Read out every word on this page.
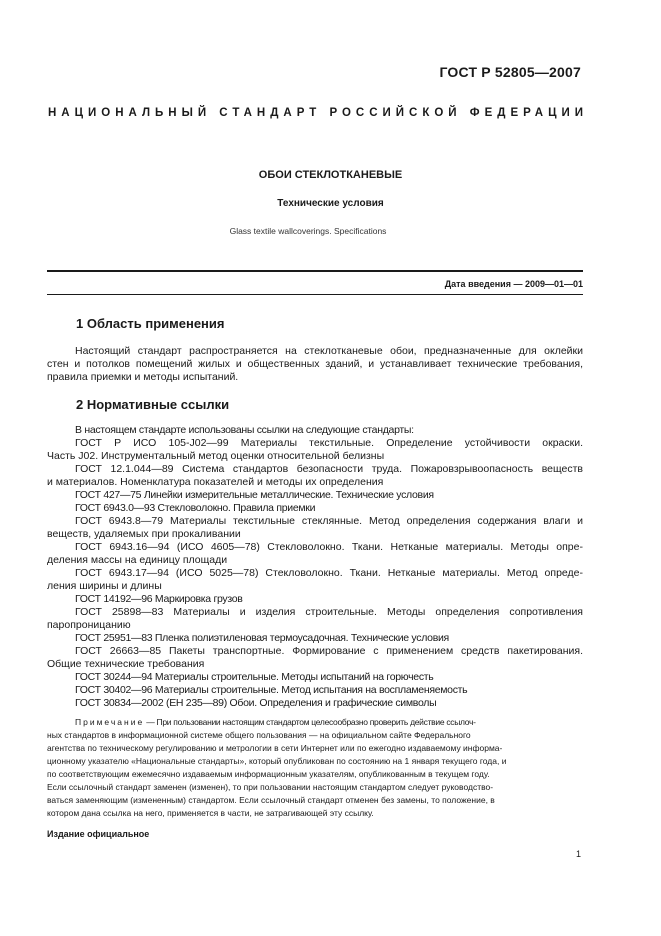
ГОСТ Р 52805—2007
НАЦИОНАЛЬНЫЙ СТАНДАРТ РОССИЙСКОЙ ФЕДЕРАЦИИ
ОБОИ СТЕКЛОТКАНЕВЫЕ
Технические условия
Glass textile wallcoverings. Specifications
Дата введения — 2009—01—01
1 Область применения
Настоящий стандарт распространяется на стеклотканевые обои, предназначенные для оклейки
стен и потолков помещений жилых и общественных зданий, и устанавливает технические требования,
правила приемки и методы испытаний.
2 Нормативные ссылки
В настоящем стандарте использованы ссылки на следующие стандарты:
ГОСТ Р ИСО 105-J02—99 Материалы текстильные. Определение устойчивости окраски.
Часть J02. Инструментальный метод оценки относительной белизны
ГОСТ 12.1.044—89 Система стандартов безопасности труда. Пожаровзрывоопасность веществ
и материалов. Номенклатура показателей и методы их определения
ГОСТ 427—75 Линейки измерительные металлические. Технические условия
ГОСТ 6943.0—93 Стекловолокно. Правила приемки
ГОСТ 6943.8—79 Материалы текстильные стеклянные. Метод определения содержания влаги и
веществ, удаляемых при прокаливании
ГОСТ 6943.16—94 (ИСО 4605—78) Стекловолокно. Ткани. Нетканые материалы. Методы опре-
деления массы на единицу площади
ГОСТ 6943.17—94 (ИСО 5025—78) Стекловолокно. Ткани. Нетканые материалы. Метод опреде-
ления ширины и длины
ГОСТ 14192—96 Маркировка грузов
ГОСТ 25898—83 Материалы и изделия строительные. Методы определения сопротивления
паропроницанию
ГОСТ 25951—83 Пленка полиэтиленовая термоусадочная. Технические условия
ГОСТ 26663—85 Пакеты транспортные. Формирование с применением средств пакетирования.
Общие технические требования
ГОСТ 30244—94 Материалы строительные. Методы испытаний на горючесть
ГОСТ 30402—96 Материалы строительные. Метод испытания на воспламеняемость
ГОСТ 30834—2002 (ЕН 235—89) Обои. Определения и графические символы
Примечание — При пользовании настоящим стандартом целесообразно проверить действие ссылоч-
ных стандартов в информационной системе общего пользования — на официальном сайте Федерального
агентства по техническому регулированию и метрологии в сети Интернет или по ежегодно издаваемому информа-
ционному указателю «Национальные стандарты», который опубликован по состоянию на 1 января текущего года, и
по соответствующим ежемесячно издаваемым информационным указателям, опубликованным в текущем году.
Если ссылочный стандарт заменен (изменен), то при пользовании настоящим стандартом следует руководство-
ваться заменяющим (измененным) стандартом. Если ссылочный стандарт отменен без замены, то положение, в
котором дана ссылка на него, применяется в части, не затрагивающей эту ссылку.
Издание официальное
1
